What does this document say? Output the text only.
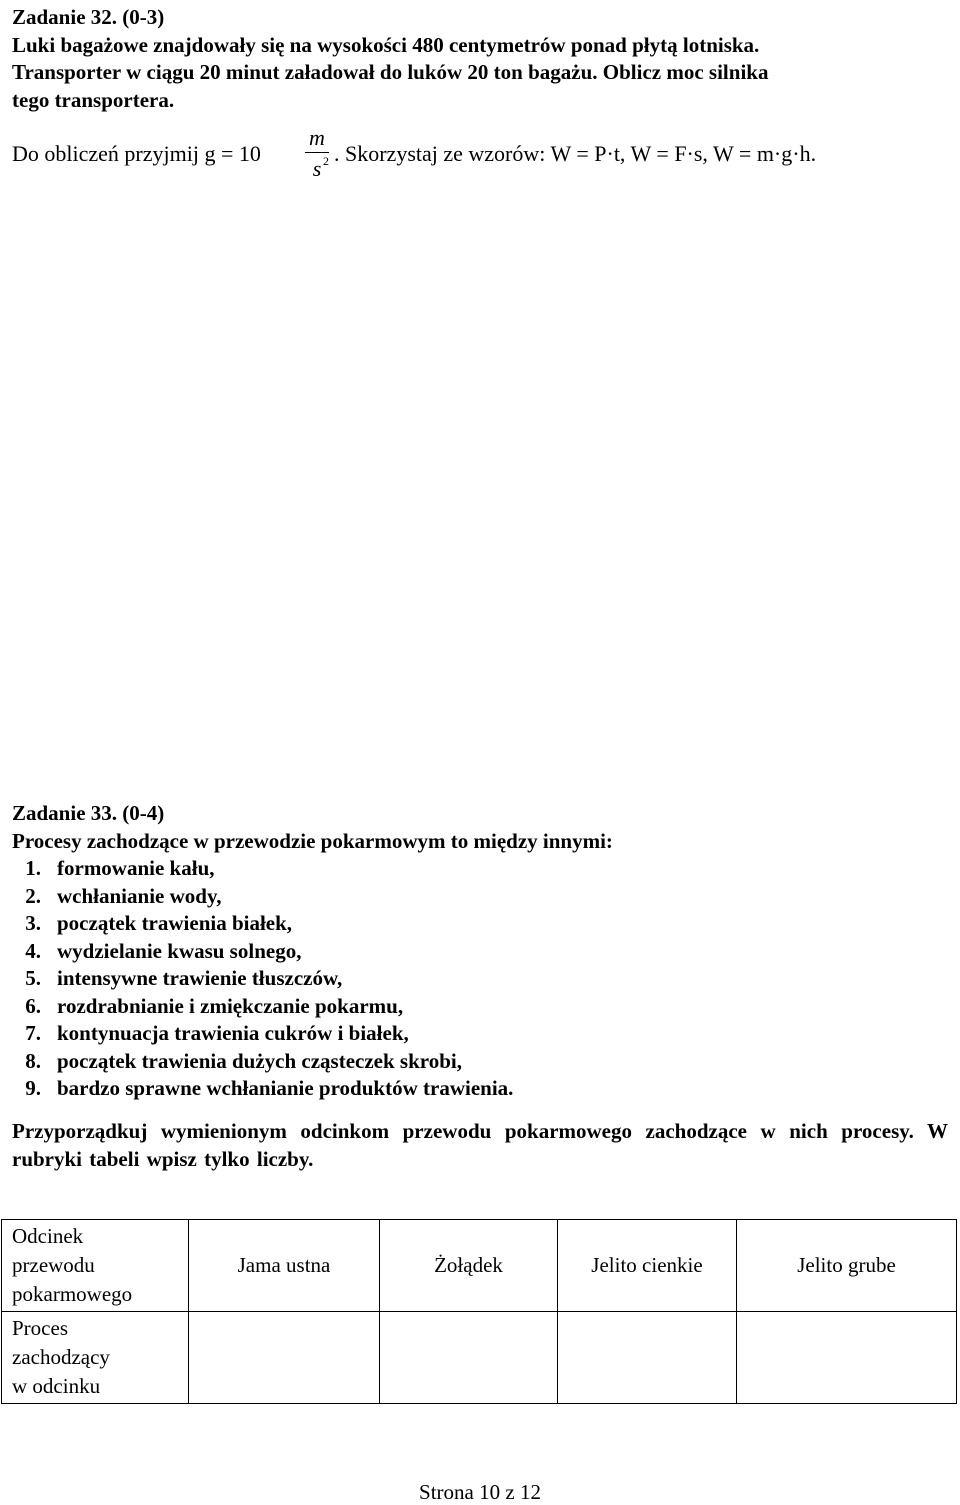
Zadanie 32. (0-3)
Luki bagażowe znajdowały się na wysokości 480 centymetrów ponad płytą lotniska.
Transporter w ciągu 20 minut załadował do luków 20 ton bagażu. Oblicz moc silnika
tego transportera.
Do obliczeń przyjmij $g = 10 \frac{m}{s 2}$ . Skorzystaj ze wzorów: W = P·t, W = F·s, W = m·g·h.
Zadanie 33. (0-4)
Procesy zachodzące w przewodzie pokarmowym to między innymi:
1. formowanie kału,
2. wchłanianie wody,
3. początek trawienia białek,
4. wydzielanie kwasu solnego,
5. intensywne trawienie tłuszczów,
6. rozdrabnianie i zmiękczanie pokarmu,
7. kontynuacja trawienia cukrów i białek,
8. początek trawienia dużych cząsteczek skrobi,
9. bardzo sprawne wchłanianie produktów trawienia.
Przyporządkuj wymienionym odcinkom przewodu pokarmowego zachodzące w nich procesy. W rubryki tabeli wpisz tylko liczby.
Odcinek
przewodu
pokarmowego	Jama ustna	Żołądek	Jelito cienkie	Jelito grube

Proces
zachodzący
w odcinku				

Strona 10 z 12
